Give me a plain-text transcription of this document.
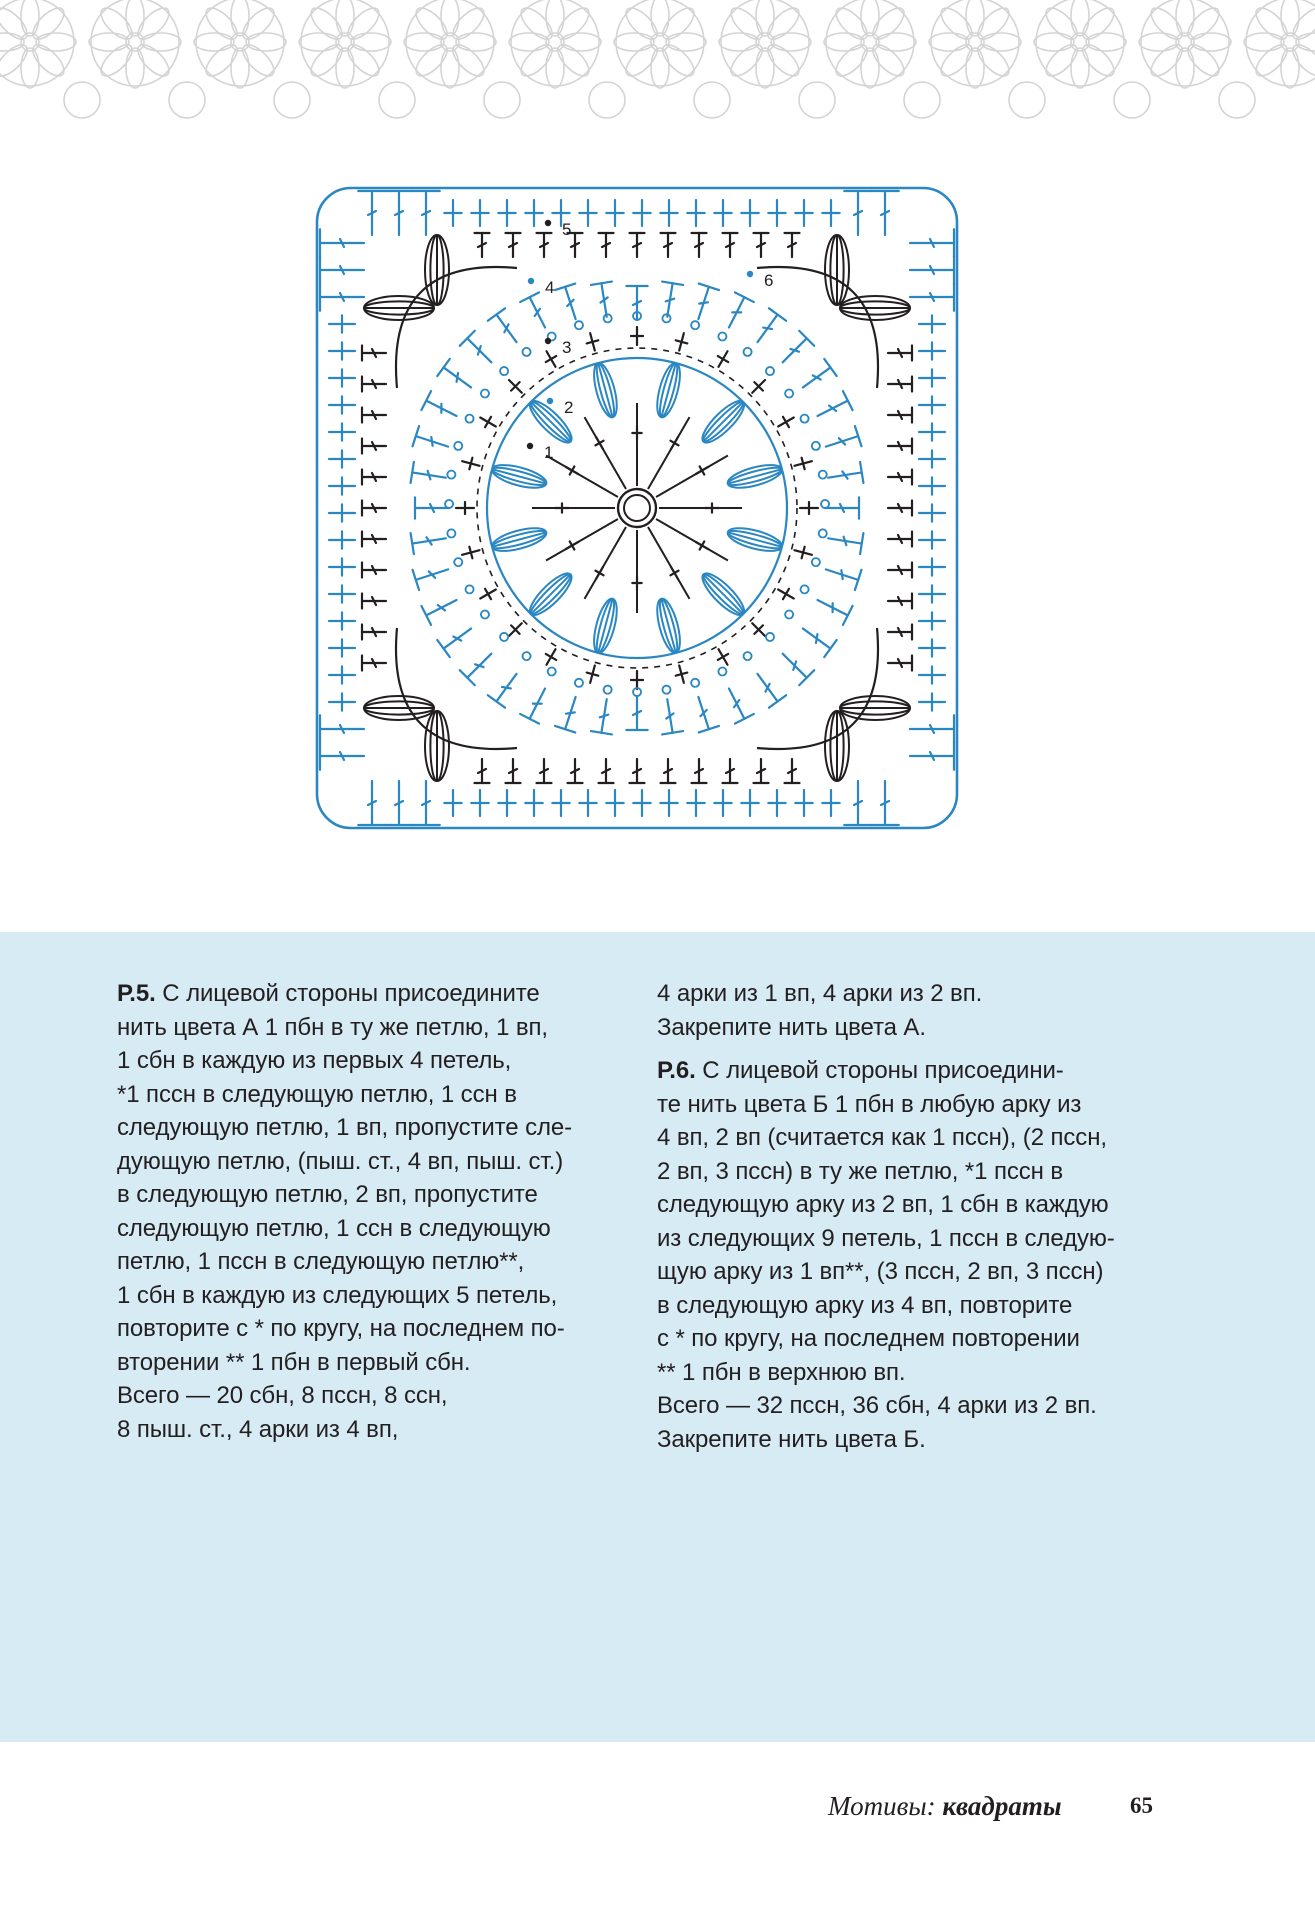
1
2
3
4
5
6

Р.5. С лицевой стороны присоедините
нить цвета А 1 пбн в ту же петлю, 1 вп,
1 сбн в каждую из первых 4 петель,
*1 пссн в следующую петлю, 1 ссн в
следующую петлю, 1 вп, пропустите сле-
дующую петлю, (пыш. ст., 4 вп, пыш. ст.)
в следующую петлю, 2 вп, пропустите
следующую петлю, 1 ссн в следующую
петлю, 1 пссн в следующую петлю**,
1 сбн в каждую из следующих 5 петель,
повторите с * по кругу, на последнем по-
вторении ** 1 пбн в первый сбн.
Всего — 20 сбн, 8 пссн, 8 ссн,
8 пыш. ст., 4 арки из 4 вп,

4 арки из 1 вп, 4 арки из 2 вп.
Закрепите нить цвета А.

Р.6. С лицевой стороны присоедини-
те нить цвета Б 1 пбн в любую арку из
4 вп, 2 вп (считается как 1 пссн), (2 пссн,
2 вп, 3 пссн) в ту же петлю, *1 пссн в
следующую арку из 2 вп, 1 сбн в каждую
из следующих 9 петель, 1 пссн в следую-
щую арку из 1 вп**, (3 пссн, 2 вп, 3 пссн)
в следующую арку из 4 вп, повторите
с * по кругу, на последнем повторении
** 1 пбн в верхнюю вп.
Всего — 32 пссн, 36 сбн, 4 арки из 2 вп.
Закрепите нить цвета Б.

Мотивы: квадраты	65
